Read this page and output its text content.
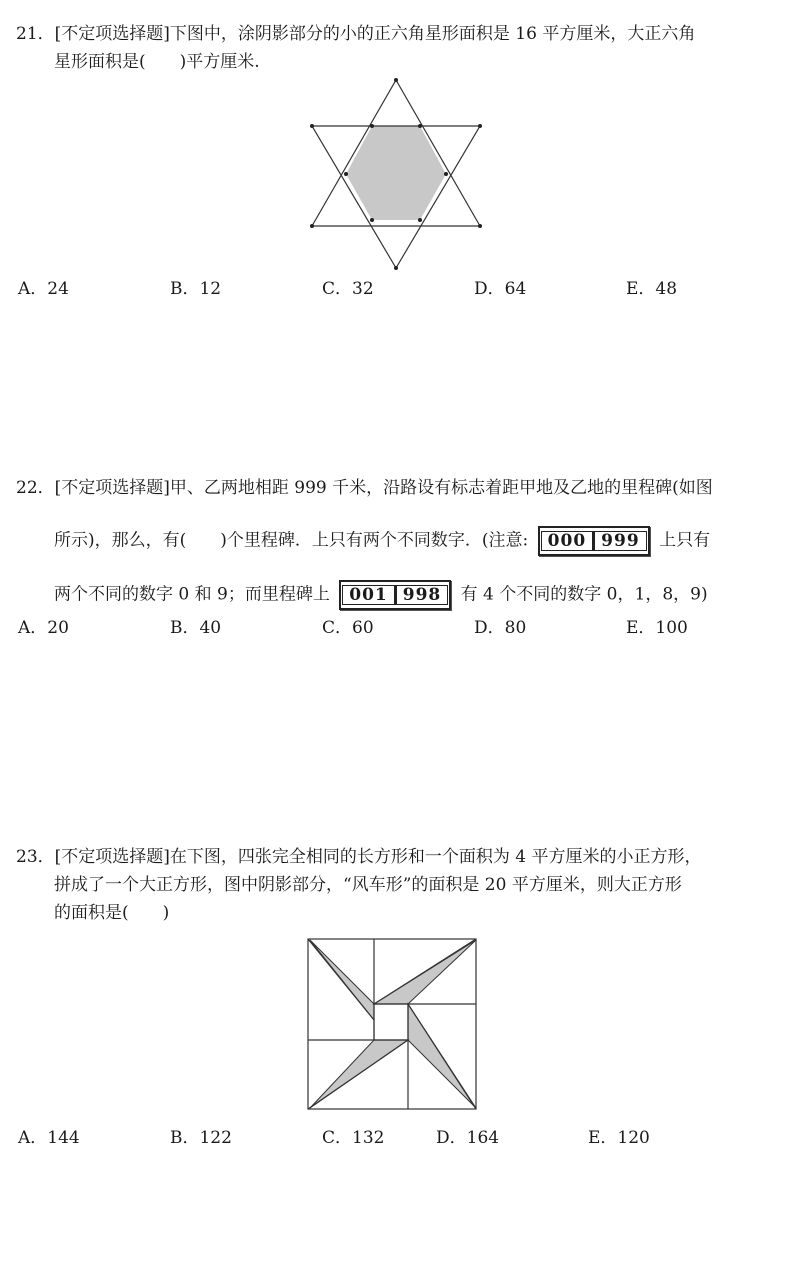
21．[不定项选择题]下图中，涂阴影部分的小的正六角星形面积是 16 平方厘米，大正六角
星形面积是(　　)平方厘米.
A．24	B．12	C．32	D．64	E．48
22．[不定项选择题]甲、乙两地相距 999 千米，沿路设有标志着距甲地及乙地的里程碑(如图
所示)，那么，有(　　)个里程碑．上只有两个不同数字．(注意: 000 999 上只有
两个不同的数字 0 和 9；而里程碑上 001 998 有 4 个不同的数字 0，1，8，9)
A．20	B．40	C．60	D．80	E．100
23．[不定项选择题]在下图，四张完全相同的长方形和一个面积为 4 平方厘米的小正方形，
拼成了一个大正方形，图中阴影部分，“风车形”的面积是 20 平方厘米，则大正方形
的面积是(　　)
A．144	B．122	C．132	D．164	E．120
